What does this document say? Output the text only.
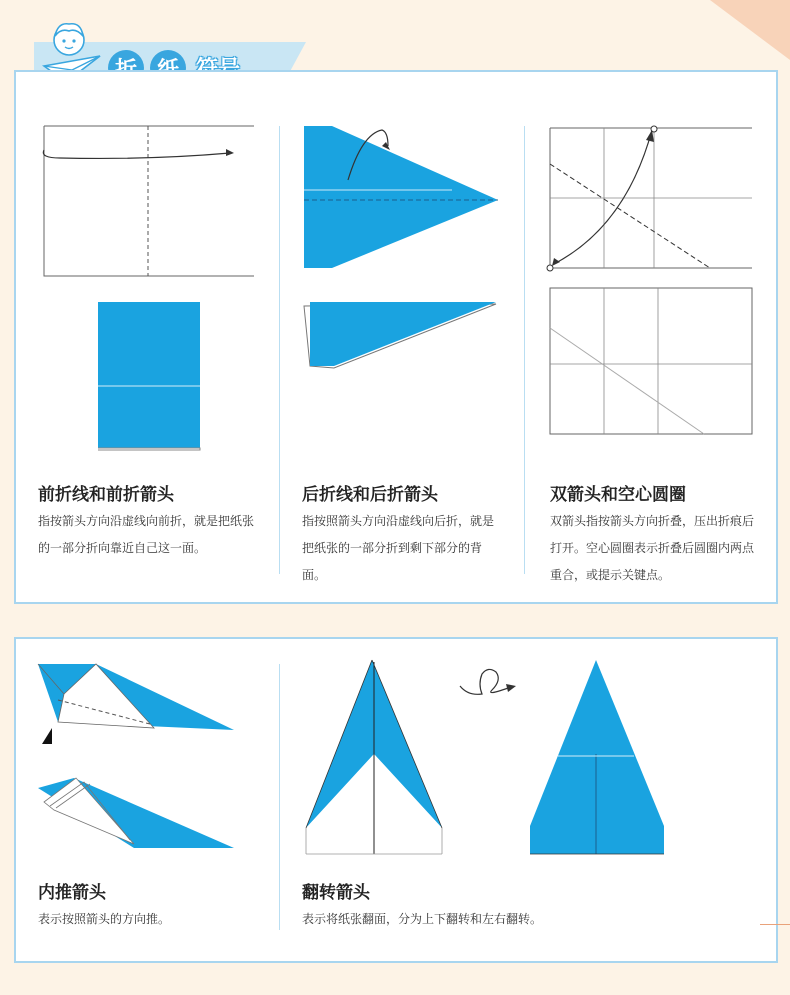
前折线和前折箭头
指按箭头方向沿虚线向前折，就是把纸张的一部分折向靠近自己这一面。
后折线和后折箭头
指按照箭头方向沿虚线向后折，就是把纸张的一部分折到剩下部分的背面。
双箭头和空心圆圈
双箭头指按箭头方向折叠，压出折痕后打开。空心圆圈表示折叠后圆圈内两点重合，或提示关键点。
内推箭头
表示按照箭头的方向推。
翻转箭头
表示将纸张翻面，分为上下翻转和左右翻转。
